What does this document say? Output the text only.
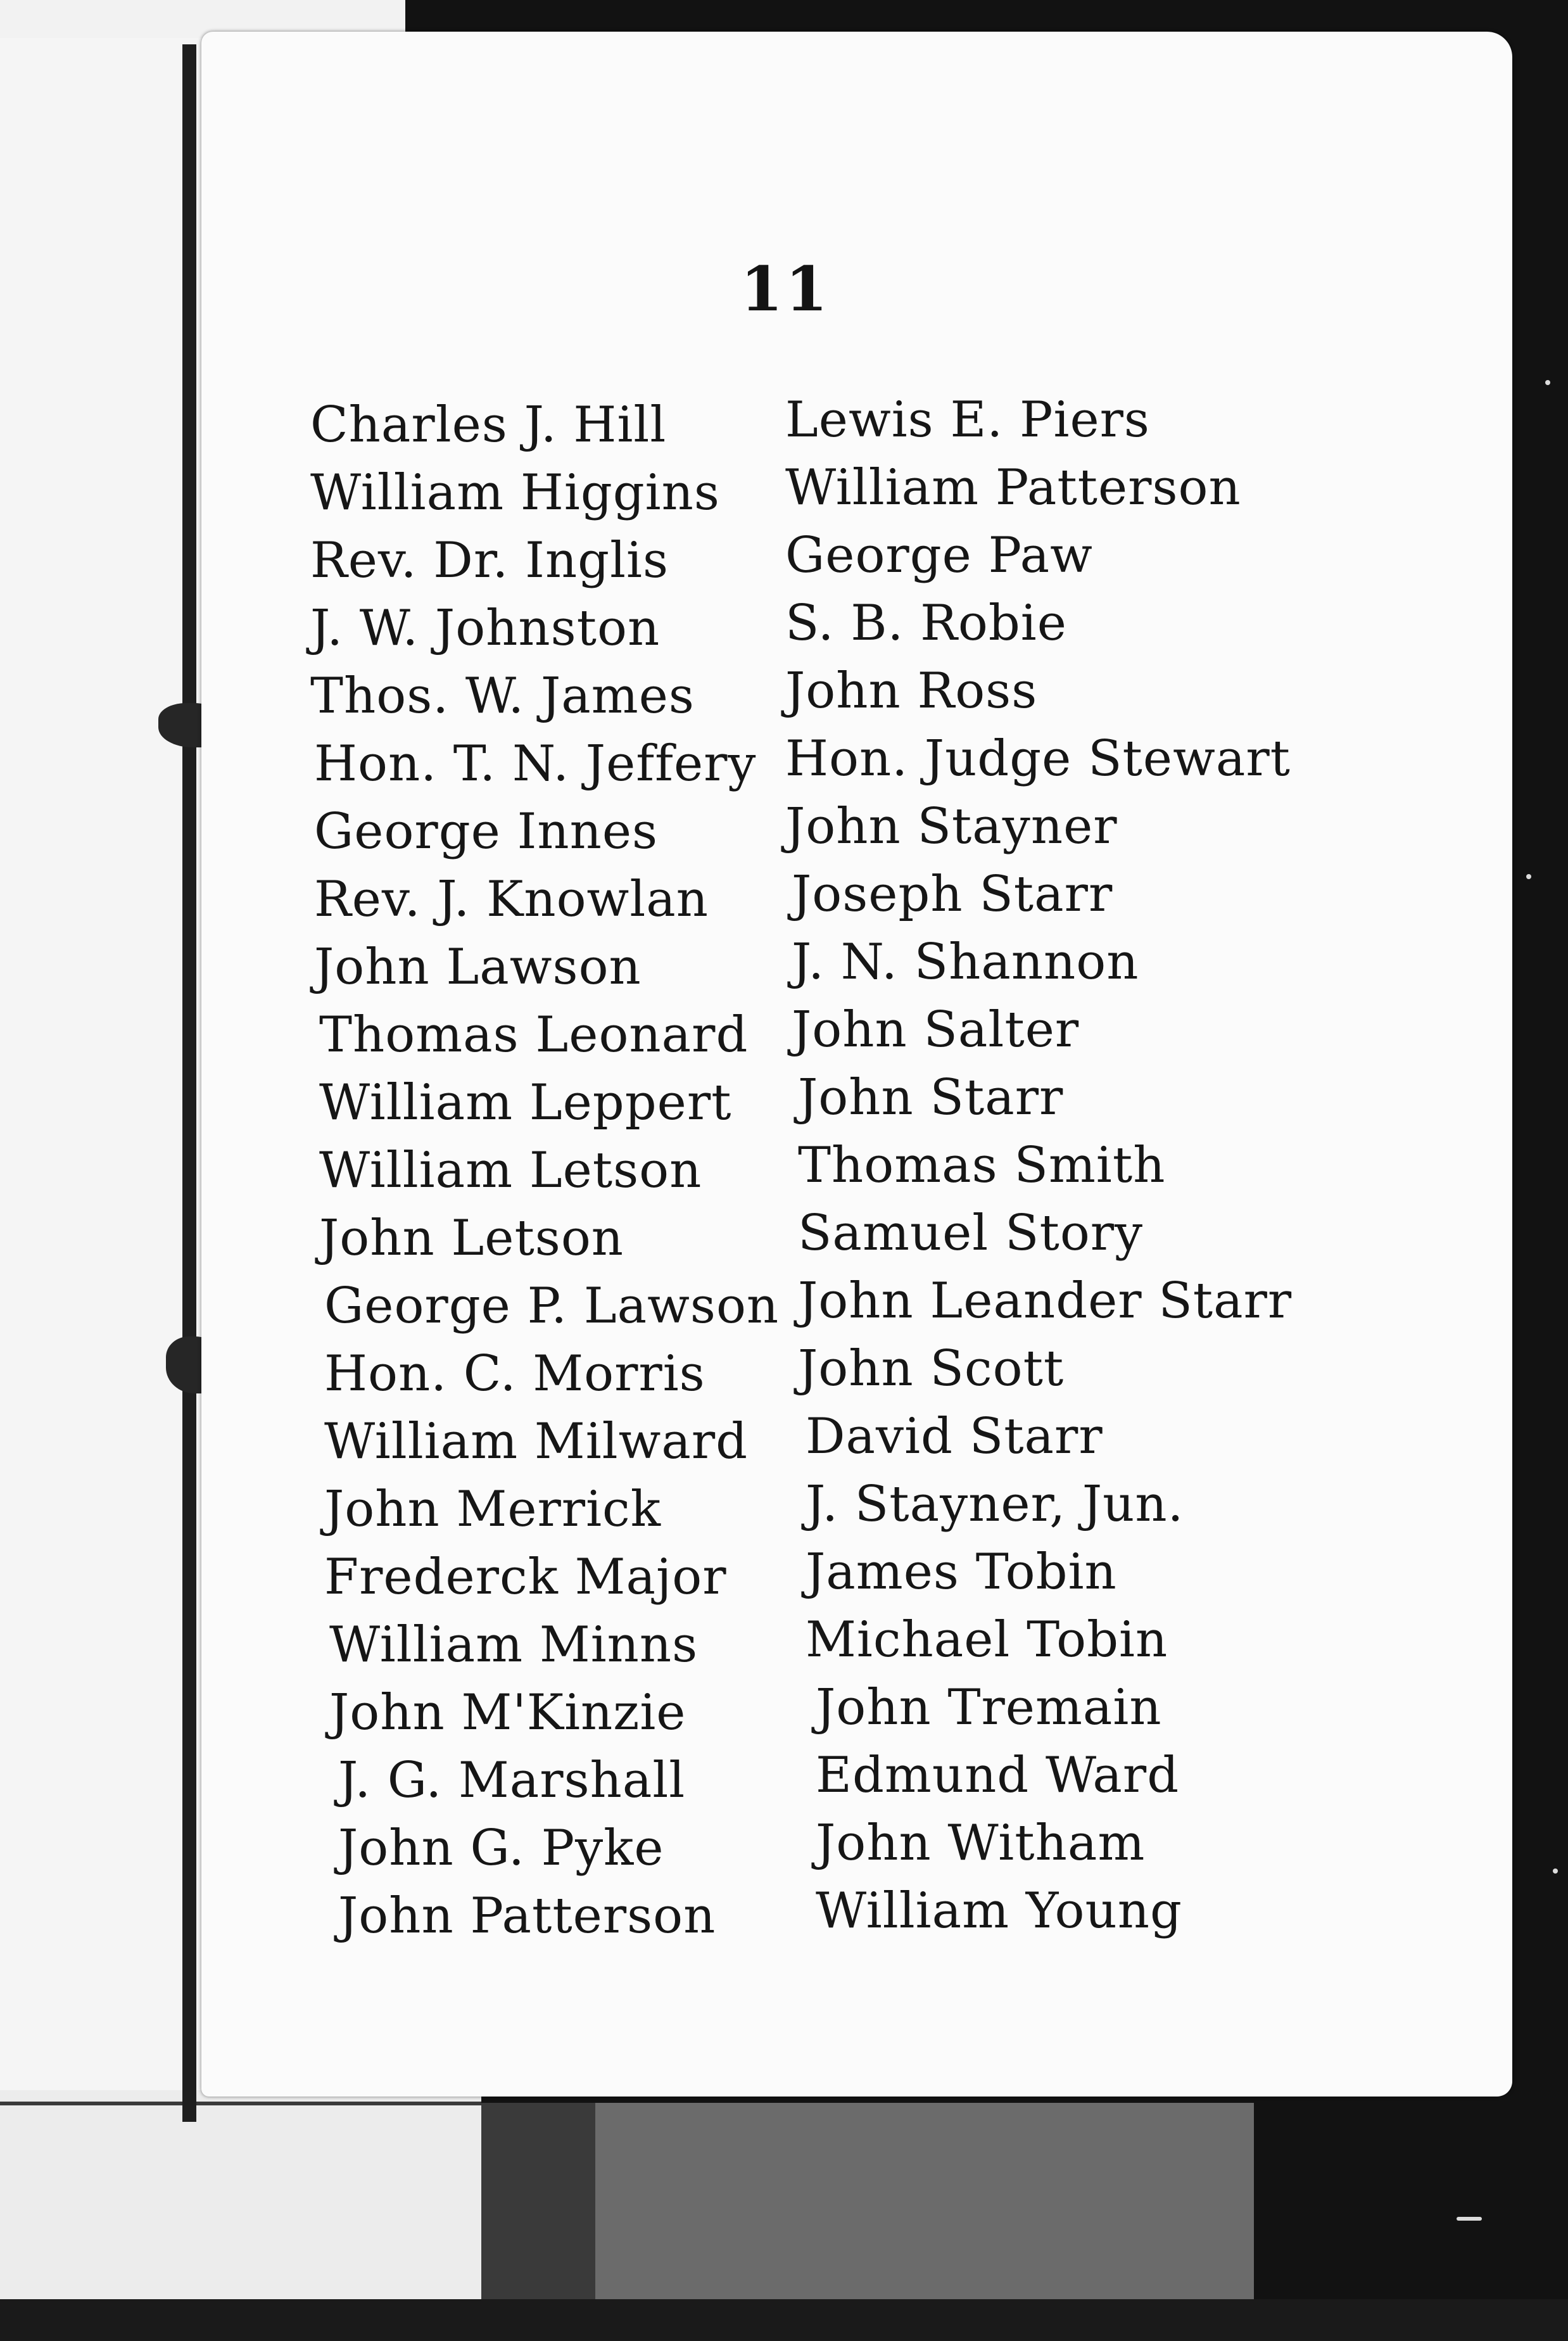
11
Charles J. Hill
William Higgins
Rev. Dr. Inglis
J. W. Johnston
Thos. W. James
Hon. T. N. Jeffery
George Innes
Rev. J. Knowlan
John Lawson
Thomas Leonard
William Leppert
William Letson
John Letson
George P. Lawson
Hon. C. Morris
William Milward
John Merrick
Frederck Major
William Minns
John M'Kinzie
J. G. Marshall
John G. Pyke
John Patterson
Lewis E. Piers
William Patterson
George Paw
S. B. Robie
John Ross
Hon. Judge Stewart
John Stayner
Joseph Starr
J. N. Shannon
John Salter
John Starr
Thomas Smith
Samuel Story
John Leander Starr
John Scott
David Starr
J. Stayner, Jun.
James Tobin
Michael Tobin
John Tremain
Edmund Ward
John Witham
William Young
